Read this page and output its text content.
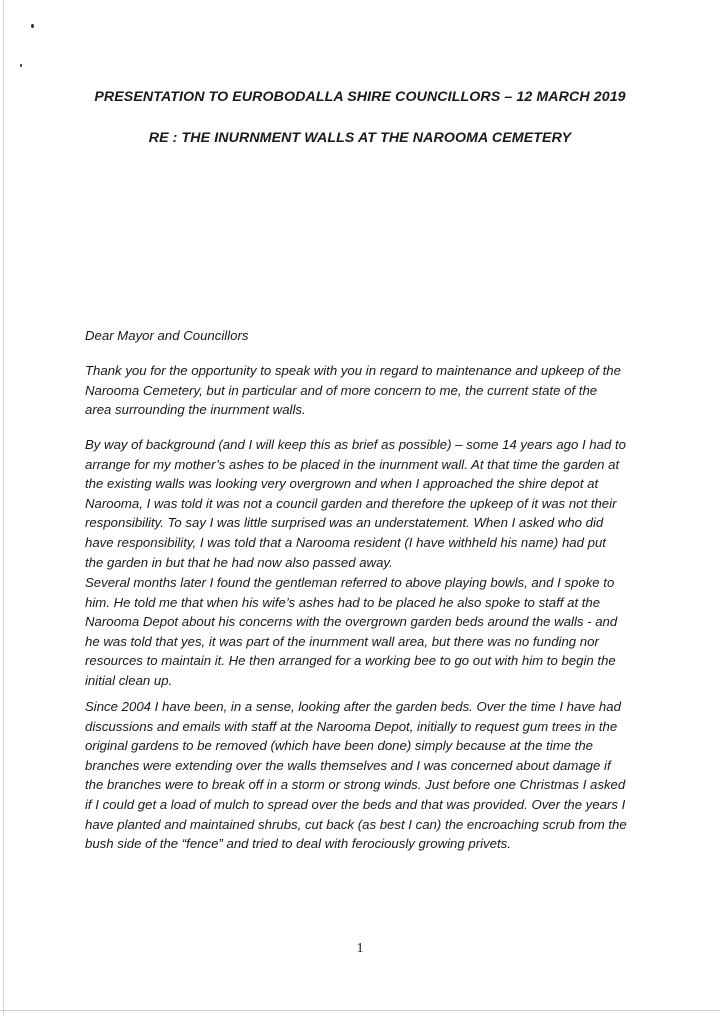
PRESENTATION TO EUROBODALLA SHIRE COUNCILLORS – 12 MARCH 2019
RE : THE INURNMENT WALLS AT THE NAROOMA CEMETERY
Dear Mayor and Councillors
Thank you for the opportunity to speak with you in regard to maintenance and upkeep of the
Narooma Cemetery, but in particular and of more concern to me, the current state of the
area surrounding the inurnment walls.
By way of background (and I will keep this as brief as possible) – some 14 years ago I had to
arrange for my mother’s ashes to be placed in the inurnment wall. At that time the garden at
the existing walls was looking very overgrown and when I approached the shire depot at
Narooma, I was told it was not a council garden and therefore the upkeep of it was not their
responsibility. To say I was little surprised was an understatement. When I asked who did
have responsibility, I was told that a Narooma resident (I have withheld his name) had put
the garden in but that he had now also passed away.
Several months later I found the gentleman referred to above playing bowls, and I spoke to
him. He told me that when his wife’s ashes had to be placed he also spoke to staff at the
Narooma Depot about his concerns with the overgrown garden beds around the walls - and
he was told that yes, it was part of the inurnment wall area, but there was no funding nor
resources to maintain it. He then arranged for a working bee to go out with him to begin the
initial clean up.
Since 2004 I have been, in a sense, looking after the garden beds. Over the time I have had
discussions and emails with staff at the Narooma Depot, initially to request gum trees in the
original gardens to be removed (which have been done) simply because at the time the
branches were extending over the walls themselves and I was concerned about damage if
the branches were to break off in a storm or strong winds. Just before one Christmas I asked
if I could get a load of mulch to spread over the beds and that was provided. Over the years I
have planted and maintained shrubs, cut back (as best I can) the encroaching scrub from the
bush side of the “fence” and tried to deal with ferociously growing privets.
1
